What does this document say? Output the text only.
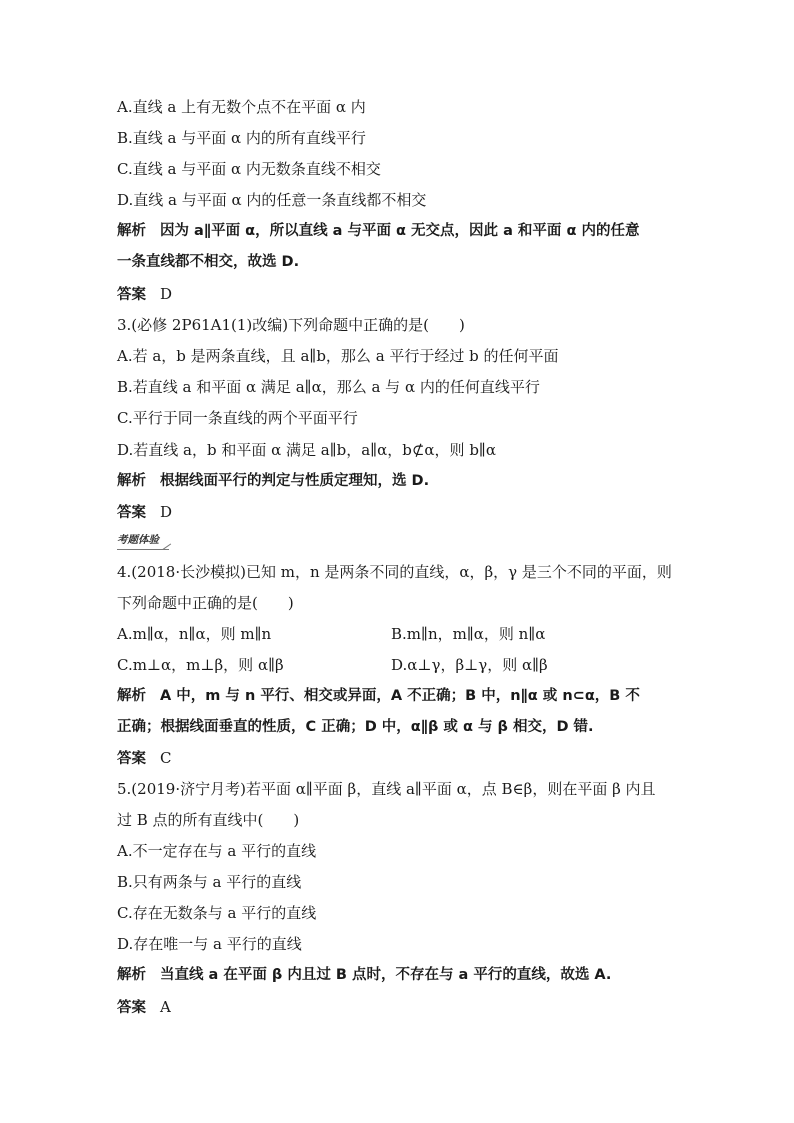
A.直线 a 上有无数个点不在平面 α 内
B.直线 a 与平面 α 内的所有直线平行
C.直线 a 与平面 α 内无数条直线不相交
D.直线 a 与平面 α 内的任意一条直线都不相交
解析 因为 a∥平面 α，所以直线 a 与平面 α 无交点，因此 a 和平面 α 内的任意
一条直线都不相交，故选 D.
答案 D
3.(必修 2P61A1(1)改编)下列命题中正确的是(　　)
A.若 a，b 是两条直线，且 a∥b，那么 a 平行于经过 b 的任何平面
B.若直线 a 和平面 α 满足 a∥α，那么 a 与 α 内的任何直线平行
C.平行于同一条直线的两个平面平行
D.若直线 a，b 和平面 α 满足 a∥b，a∥α，b⊄α，则 b∥α
解析 根据线面平行的判定与性质定理知，选 D.
答案 D
考题体验
4.(2018·长沙模拟)已知 m，n 是两条不同的直线，α，β，γ 是三个不同的平面，则
下列命题中正确的是(　　)
A.m∥α，n∥α，则 m∥n	B.m∥n，m∥α，则 n∥α
C.m⊥α，m⊥β，则 α∥β	D.α⊥γ，β⊥γ，则 α∥β
解析 A 中，m 与 n 平行、相交或异面，A 不正确；B 中，n∥α 或 n⊂α，B 不
正确；根据线面垂直的性质，C 正确；D 中，α∥β 或 α 与 β 相交，D 错.
答案 C
5.(2019·济宁月考)若平面 α∥平面 β，直线 a∥平面 α，点 B∈β，则在平面 β 内且
过 B 点的所有直线中(　　)
A.不一定存在与 a 平行的直线
B.只有两条与 a 平行的直线
C.存在无数条与 a 平行的直线
D.存在唯一与 a 平行的直线
解析 当直线 a 在平面 β 内且过 B 点时，不存在与 a 平行的直线，故选 A.
答案 A
